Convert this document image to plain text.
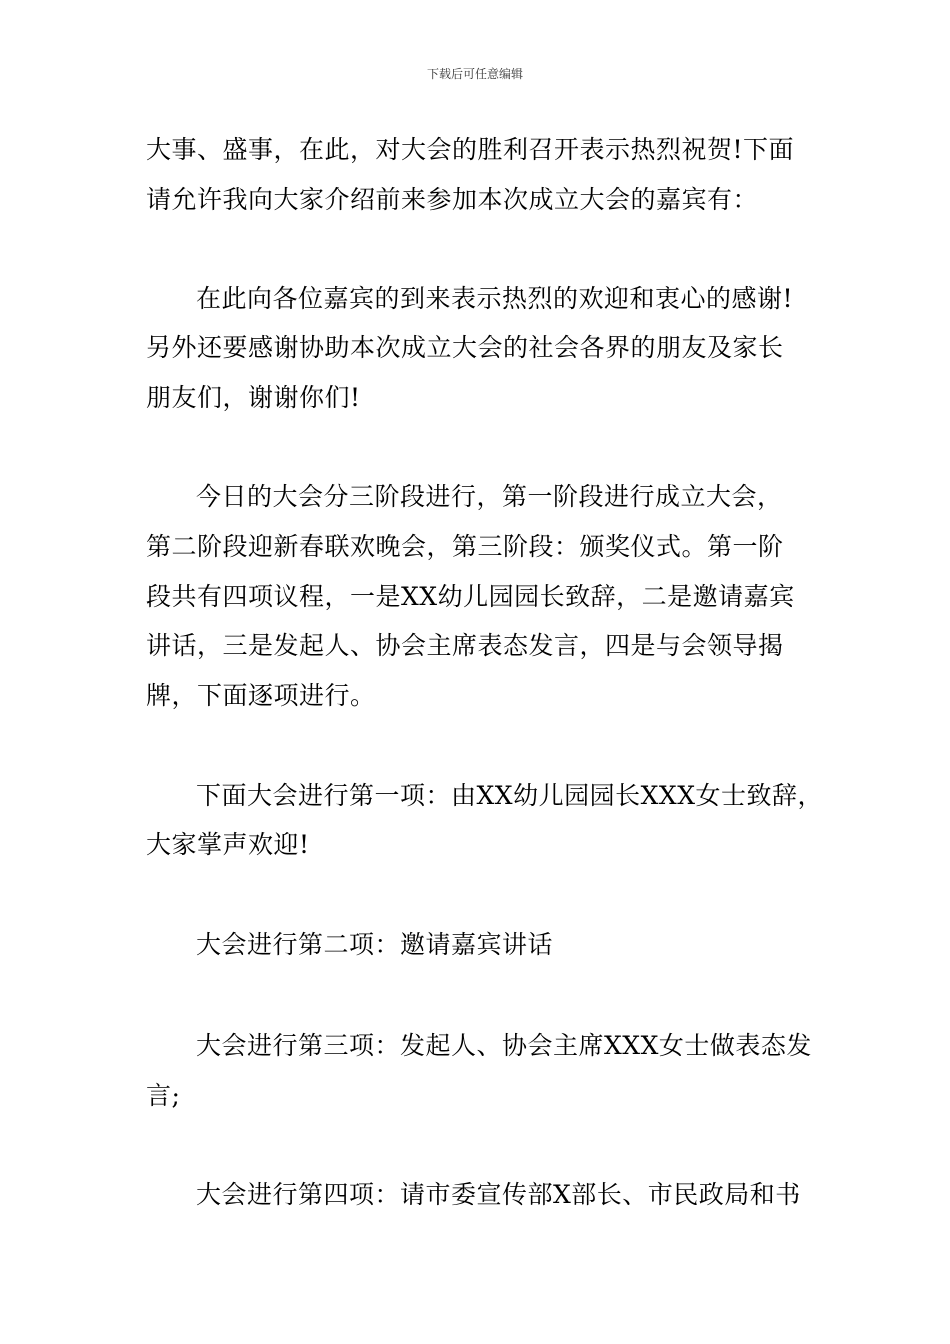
下载后可任意编辑
大事、盛事，在此，对大会的胜利召开表示热烈祝贺!下面
请允许我向大家介绍前来参加本次成立大会的嘉宾有：
在此向各位嘉宾的到来表示热烈的欢迎和衷心的感谢!
另外还要感谢协助本次成立大会的社会各界的朋友及家长
朋友们，谢谢你们!
今日的大会分三阶段进行，第一阶段进行成立大会，
第二阶段迎新春联欢晚会，第三阶段：颁奖仪式。第一阶
段共有四项议程，一是XX幼儿园园长致辞，二是邀请嘉宾
讲话，三是发起人、协会主席表态发言，四是与会领导揭
牌，下面逐项进行。
下面大会进行第一项：由XX幼儿园园长XXX女士致辞，
大家掌声欢迎!
大会进行第二项：邀请嘉宾讲话
大会进行第三项：发起人、协会主席XXX女士做表态发
言;
大会进行第四项：请市委宣传部X部长、市民政局和书
